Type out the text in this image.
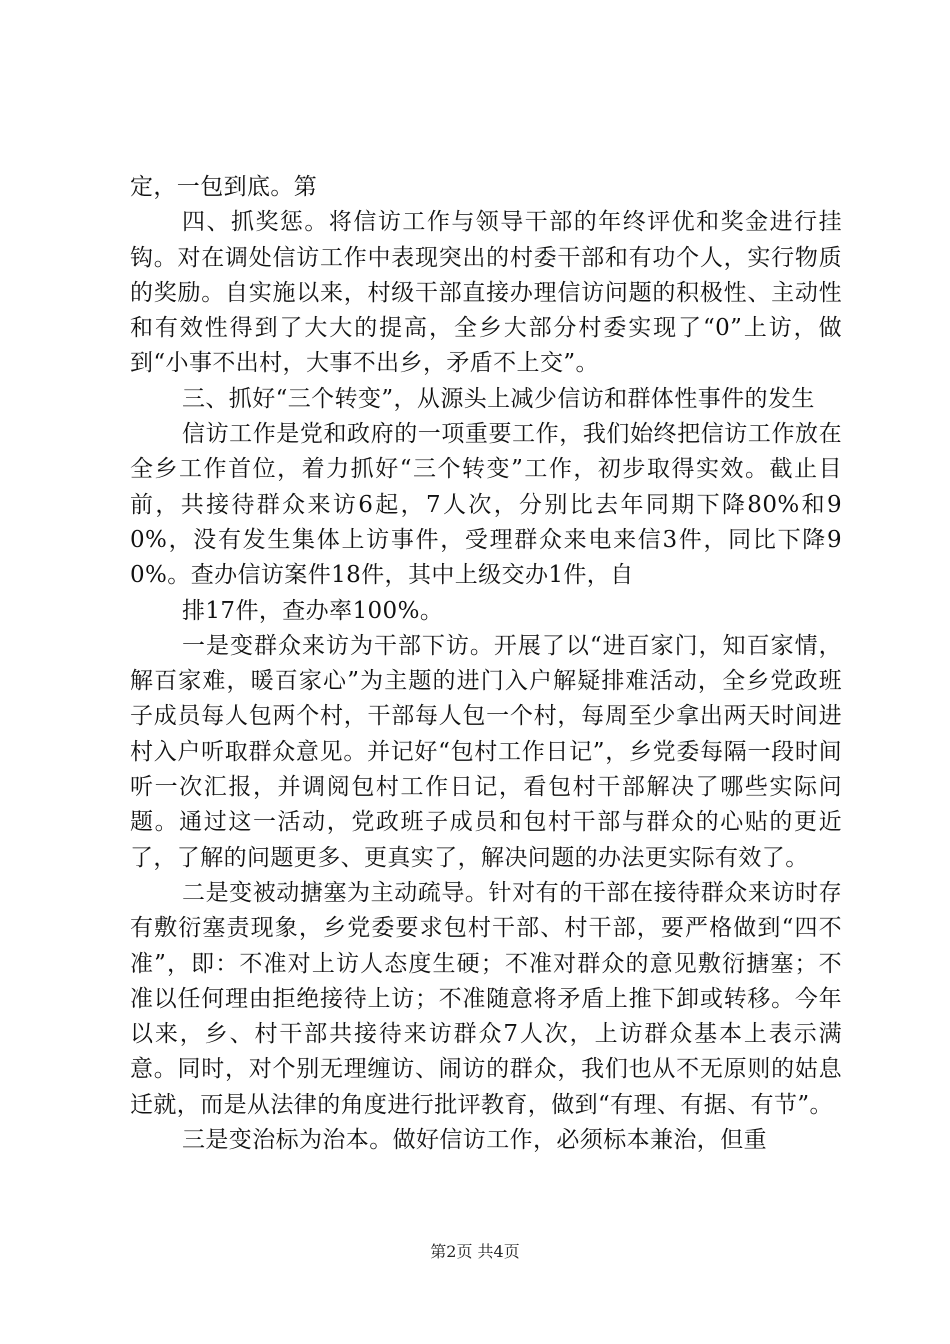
定，一包到底。第

四、抓奖惩。将信访工作与领导干部的年终评优和奖金进行挂钩。对在调处信访工作中表现突出的村委干部和有功个人，实行物质的奖励。自实施以来，村级干部直接办理信访问题的积极性、主动性和有效性得到了大大的提高，全乡大部分村委实现了“0”上访，做到“小事不出村，大事不出乡，矛盾不上交”。

三、抓好“三个转变”，从源头上减少信访和群体性事件的发生

信访工作是党和政府的一项重要工作，我们始终把信访工作放在全乡工作首位，着力抓好“三个转变”工作，初步取得实效。截止目前，共接待群众来访6起，7人次，分别比去年同期下降80%和90%，没有发生集体上访事件，受理群众来电来信3件，同比下降90%。查办信访案件18件，其中上级交办1件，自

排17件，查办率100%。

一是变群众来访为干部下访。开展了以“进百家门，知百家情，解百家难，暖百家心”为主题的进门入户解疑排难活动，全乡党政班子成员每人包两个村，干部每人包一个村，每周至少拿出两天时间进村入户听取群众意见。并记好“包村工作日记”，乡党委每隔一段时间听一次汇报，并调阅包村工作日记，看包村干部解决了哪些实际问题。通过这一活动，党政班子成员和包村干部与群众的心贴的更近了，了解的问题更多、更真实了，解决问题的办法更实际有效了。

二是变被动搪塞为主动疏导。针对有的干部在接待群众来访时存有敷衍塞责现象，乡党委要求包村干部、村干部，要严格做到“四不准”，即：不准对上访人态度生硬；不准对群众的意见敷衍搪塞；不准以任何理由拒绝接待上访；不准随意将矛盾上推下卸或转移。今年以来，乡、村干部共接待来访群众7人次，上访群众基本上表示满意。同时，对个别无理缠访、闹访的群众，我们也从不无原则的姑息迁就，而是从法律的角度进行批评教育，做到“有理、有据、有节”。

三是变治标为治本。做好信访工作，必须标本兼治，但重

第2页 共4页
